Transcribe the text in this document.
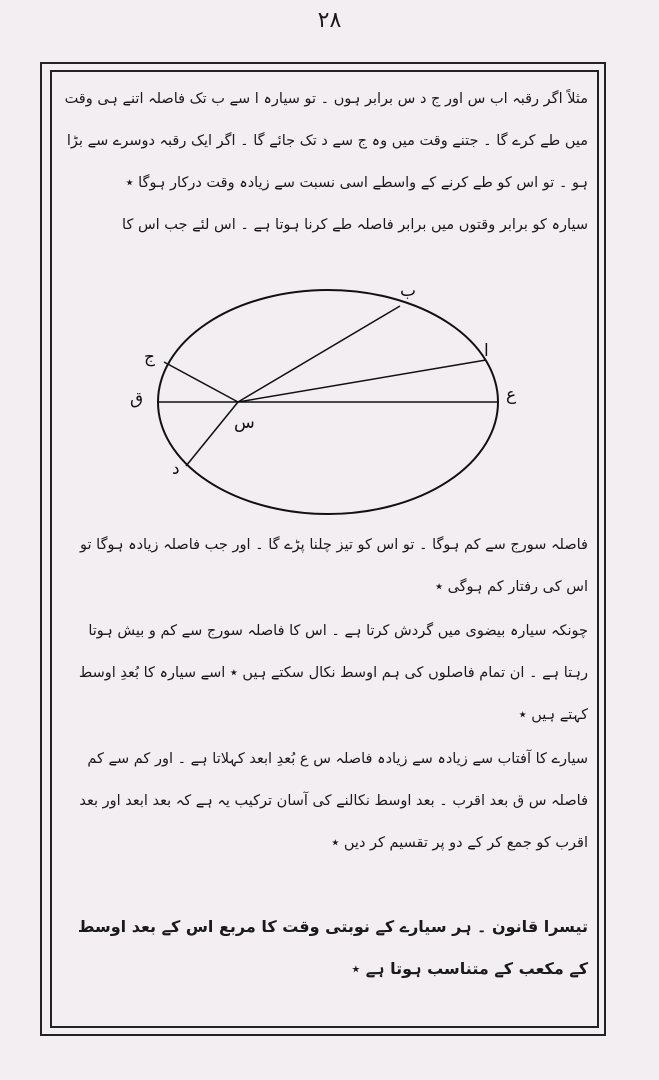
۲۸

مثلاً اگر رقبہ اب س اور ج د س برابر ہوں ۔ تو سیارہ ا سے ب تک فاصلہ اتنے ہی وقت میں طے کرے گا ۔ جتنے وقت میں وہ ج سے د تک جائے گا ۔ اگر ایک رقبہ دوسرے سے بڑا ہو ۔ تو اس کو طے کرنے کے واسطے اسی نسبت سے زیادہ وقت درکار ہوگا ٭

سیارہ کو برابر وقتوں میں برابر فاصلہ طے کرنا ہوتا ہے ۔ اس لئے جب اس کا

ب
ا
ع
ج
ق
س
د

فاصلہ سورج سے کم ہوگا ۔ تو اس کو تیز چلنا پڑے گا ۔ اور جب فاصلہ زیادہ ہوگا تو اس کی رفتار کم ہوگی ٭

چونکہ سیارہ بیضوی میں گردش کرتا ہے ۔ اس کا فاصلہ سورج سے کم و بیش ہوتا رہتا ہے ۔ ان تمام فاصلوں کی ہم اوسط نکال سکتے ہیں ٭ اسے سیارہ کا بُعدِ اوسط کہتے ہیں ٭

سیارے کا آفتاب سے زیادہ سے زیادہ فاصلہ س ع بُعدِ ابعد کہلاتا ہے ۔ اور کم سے کم فاصلہ س ق بعد اقرب ۔ بعد اوسط نکالنے کی آسان ترکیب یہ ہے کہ بعد ابعد اور بعد اقرب کو جمع کر کے دو پر تقسیم کر دیں ٭

تیسرا قانون ۔ ہر سیارے کے نوبتی وقت کا مربع اس کے بعد اوسط کے مکعب کے متناسب ہوتا ہے ٭
